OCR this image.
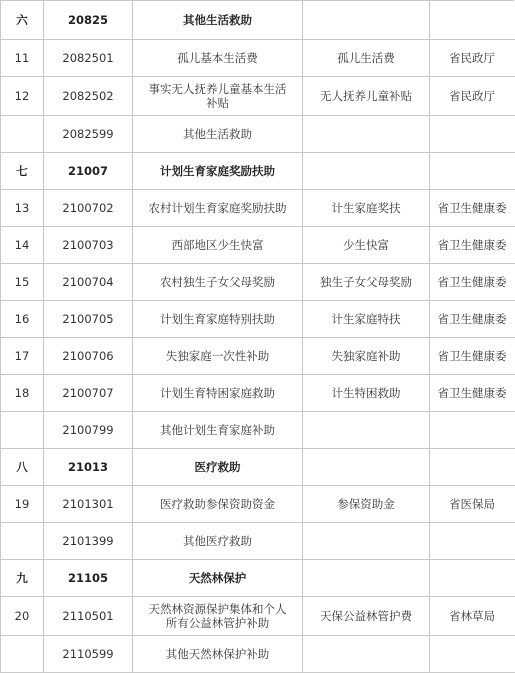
六	20825	其他生活救助		
11	2082501	孤儿基本生活费	孤儿生活费	省民政厅
12	2082502	事实无人抚养儿童基本生活补贴	无人抚养儿童补贴	省民政厅
	2082599	其他生活救助		
七	21007	计划生育家庭奖励扶助		
13	2100702	农村计划生育家庭奖励扶助	计生家庭奖扶	省卫生健康委
14	2100703	西部地区少生快富	少生快富	省卫生健康委
15	2100704	农村独生子女父母奖励	独生子女父母奖励	省卫生健康委
16	2100705	计划生育家庭特别扶助	计生家庭特扶	省卫生健康委
17	2100706	失独家庭一次性补助	失独家庭补助	省卫生健康委
18	2100707	计划生育特困家庭救助	计生特困救助	省卫生健康委
	2100799	其他计划生育家庭补助		
八	21013	医疗救助		
19	2101301	医疗救助参保资助资金	参保资助金	省医保局
	2101399	其他医疗救助		
九	21105	天然林保护		
20	2110501	天然林资源保护集体和个人所有公益林管护补助	天保公益林管护费	省林草局
	2110599	其他天然林保护补助		
